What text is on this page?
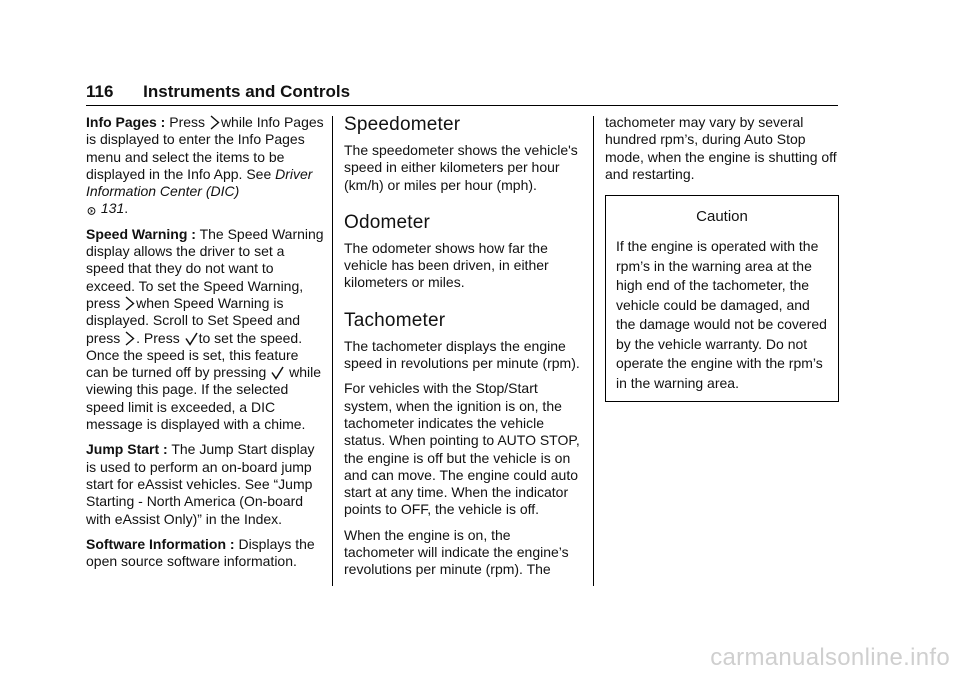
116 Instruments and Controls

Info Pages : Press while Info Pages is displayed to enter the Info Pages menu and select the items to be displayed in the Info App. See Driver Information Center (DIC)

131.

Speed Warning : The Speed Warning display allows the driver to set a speed that they do not want to exceed. To set the Speed Warning, press when Speed Warning is displayed. Scroll to Set Speed and press . Press to set the speed. Once the speed is set, this feature can be turned off by pressing while viewing this page. If the selected speed limit is exceeded, a DIC message is displayed with a chime.

Jump Start : The Jump Start display is used to perform an on-board jump start for eAssist vehicles. See “Jump Starting - North America (On-board with eAssist Only)” in the Index.

Software Information : Displays the open source software information.

Speedometer

The speedometer shows the vehicle's speed in either kilometers per hour (km/h) or miles per hour (mph).

Odometer

The odometer shows how far the vehicle has been driven, in either kilometers or miles.

Tachometer

The tachometer displays the engine speed in revolutions per minute (rpm).

For vehicles with the Stop/Start system, when the ignition is on, the tachometer indicates the vehicle status. When pointing to AUTO STOP, the engine is off but the vehicle is on and can move. The engine could auto start at any time. When the indicator points to OFF, the vehicle is off.

When the engine is on, the tachometer will indicate the engine’s revolutions per minute (rpm). The

tachometer may vary by several hundred rpm’s, during Auto Stop mode, when the engine is shutting off and restarting.

Caution

If the engine is operated with the rpm’s in the warning area at the high end of the tachometer, the vehicle could be damaged, and the damage would not be covered by the vehicle warranty. Do not operate the engine with the rpm’s in the warning area.

carmanualsonline.info
